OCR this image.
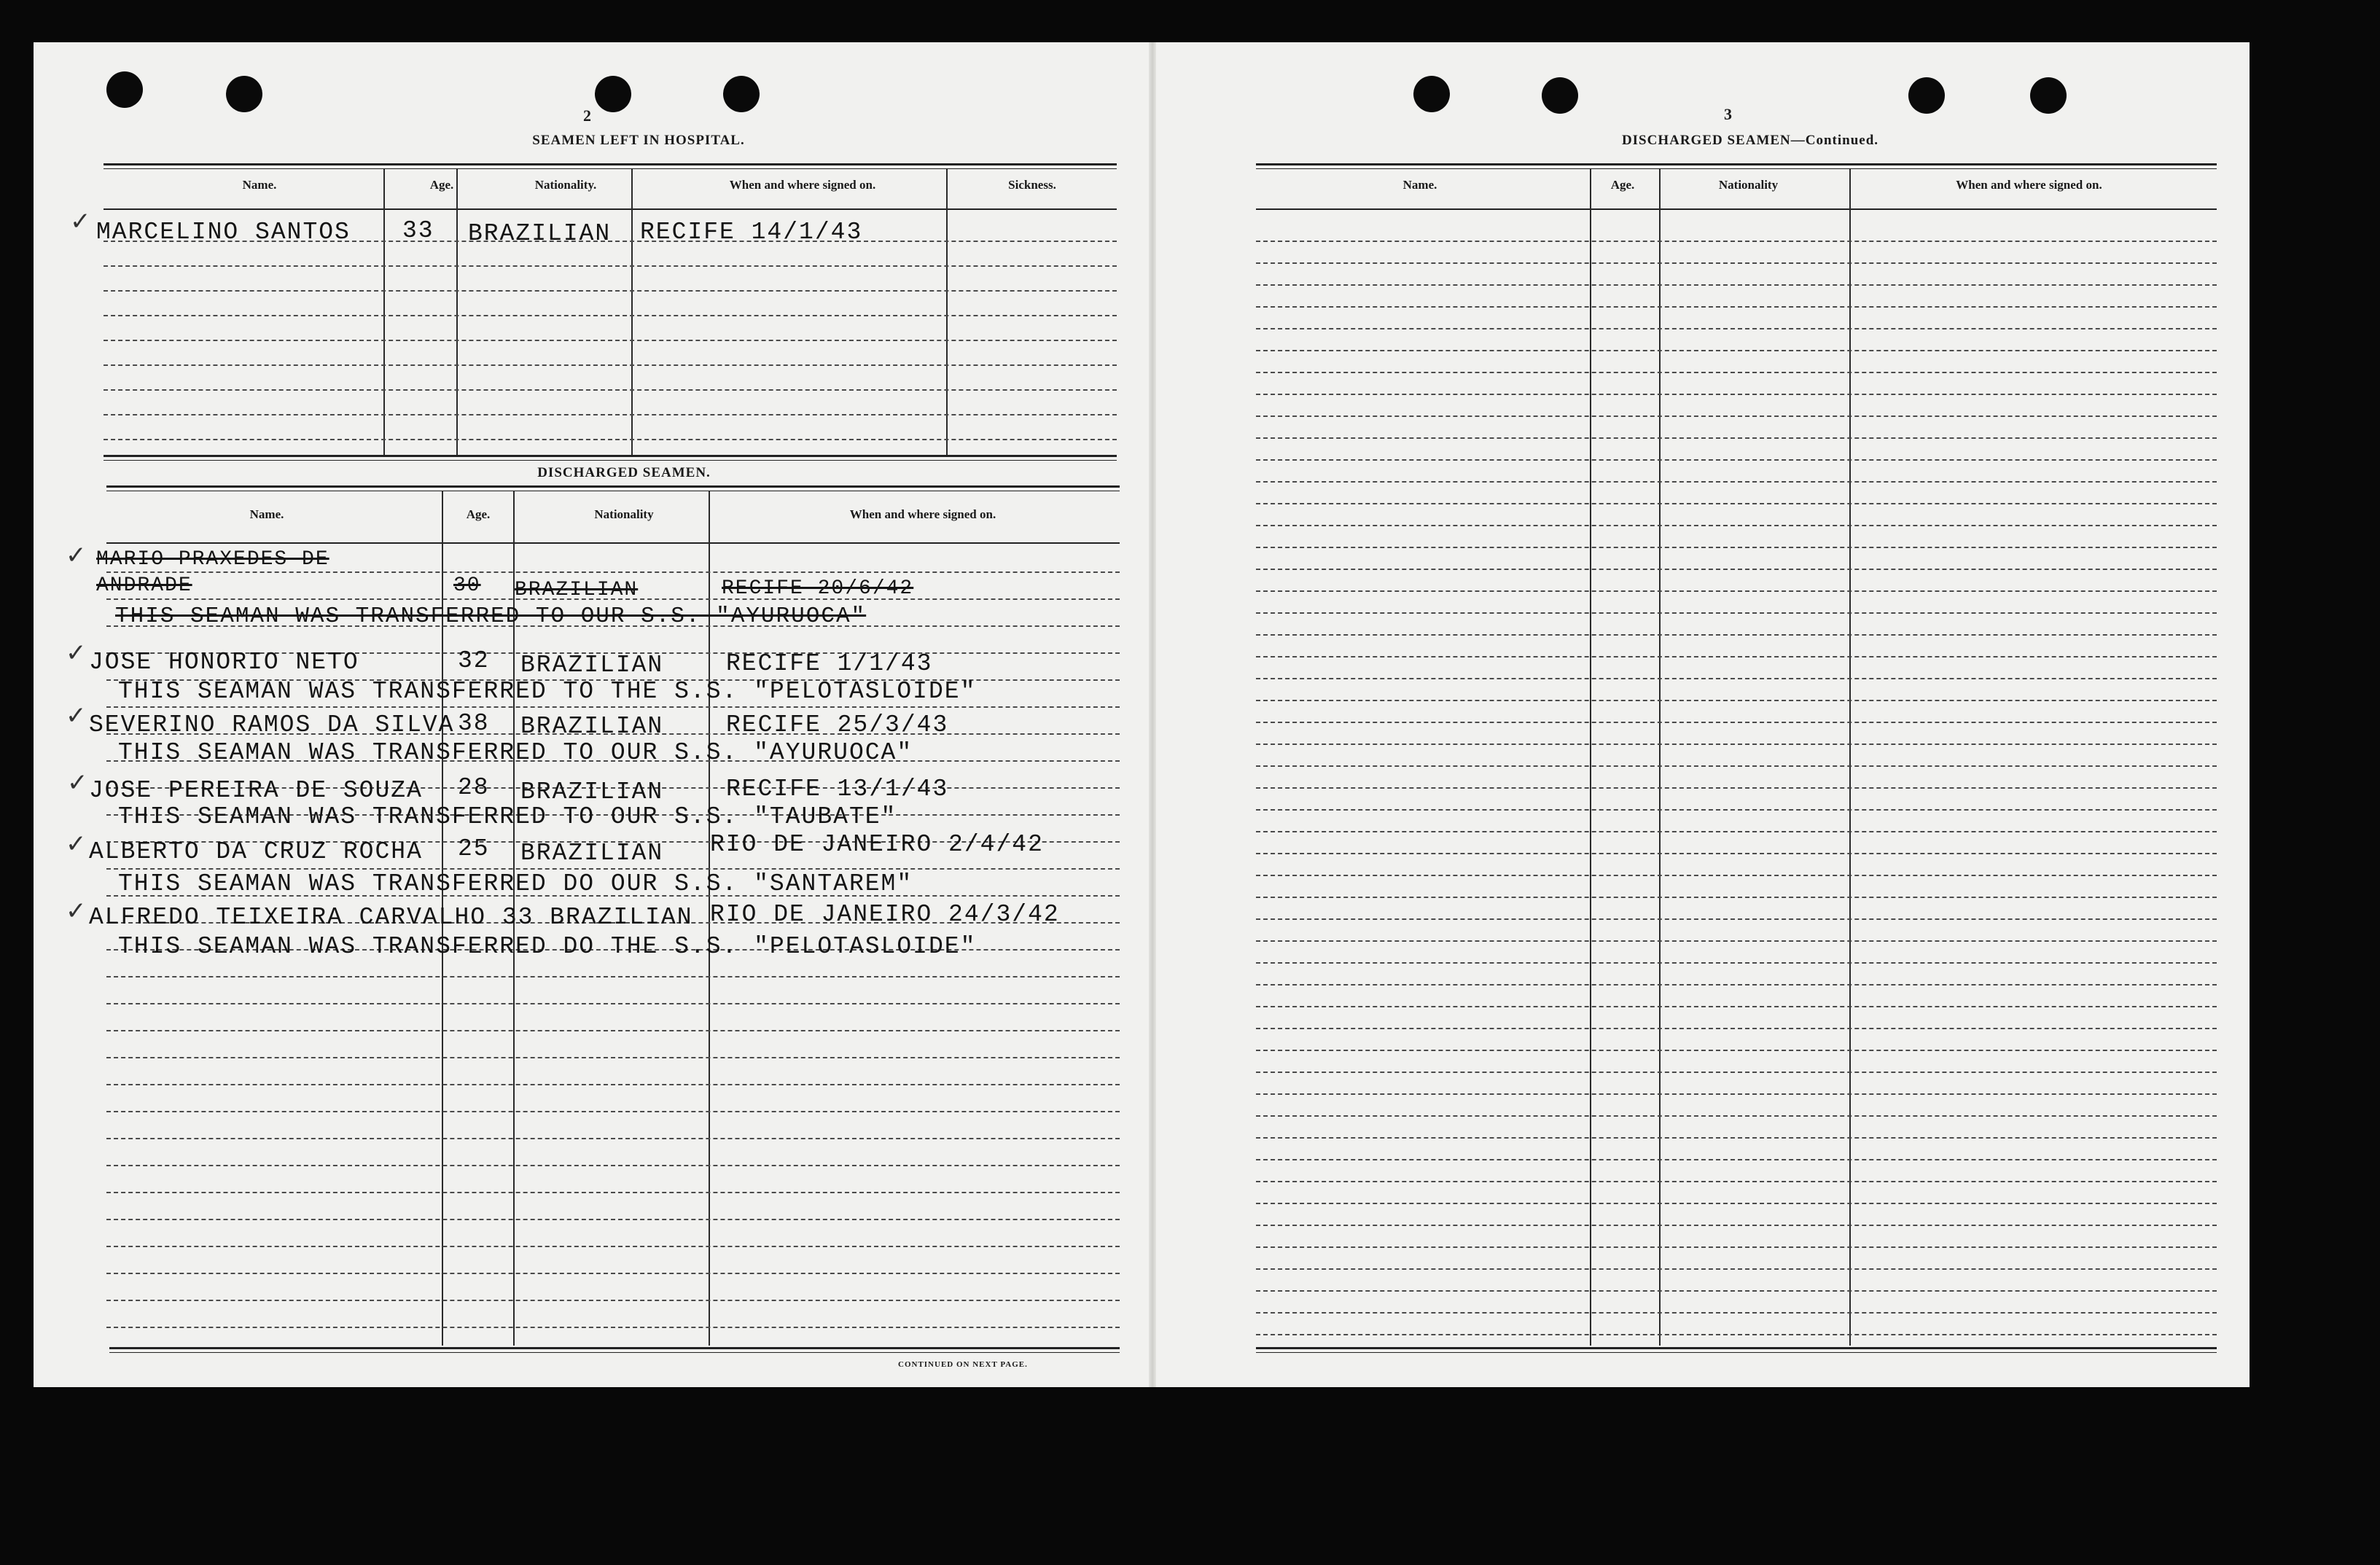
2
SEAMEN LEFT IN HOSPITAL.
Name.	Age.	Nationality.	When and where signed on.	Sickness.
✓ MARCELINO SANTOS 33 BRAZILIAN RECIFE 14/1/43
DISCHARGED SEAMEN.
Name.	Age.	Nationality	When and where signed on.
✓ MARIO PRAXEDES DE
ANDRADE	30 BRAZILIAN	RECIFE 20/6/42
THIS SEAMAN WAS TRANSFERRED TO OUR S.S. "AYURUOCA"
✓ JOSE HONORIO NETO	32 BRAZILIAN	RECIFE 1/1/43
THIS SEAMAN WAS TRANSFERRED TO THE S.S. "PELOTASLOIDE"
✓ SEVERINO RAMOS DA SILVA 38 BRAZILIAN	RECIFE 25/3/43
THIS SEAMAN WAS TRANSFERRED TO OUR S.S. "AYURUOCA"
✓ JOSE PEREIRA DE SOUZA 28 BRAZILIAN	RECIFE 13/1/43
THIS SEAMAN WAS TRANSFERRED TO OUR S.S. "TAUBATE"
✓ ALBERTO DA CRUZ ROCHA 25 BRAZILIAN RIO DE JANEIRO 2/4/42
THIS SEAMAN WAS TRANSFERRED DO OUR S.S. "SANTAREM"
✓ ALFREDO TEIXEIRA CARVALHO 33 BRAZILIAN RIO DE JANEIRO 24/3/42
THIS SEAMAN WAS TRANSFERRED DO THE S.S. "PELOTASLOIDE"
CONTINUED ON NEXT PAGE.
3
DISCHARGED SEAMEN—Continued.
Name.	Age.	Nationality	When and where signed on.
